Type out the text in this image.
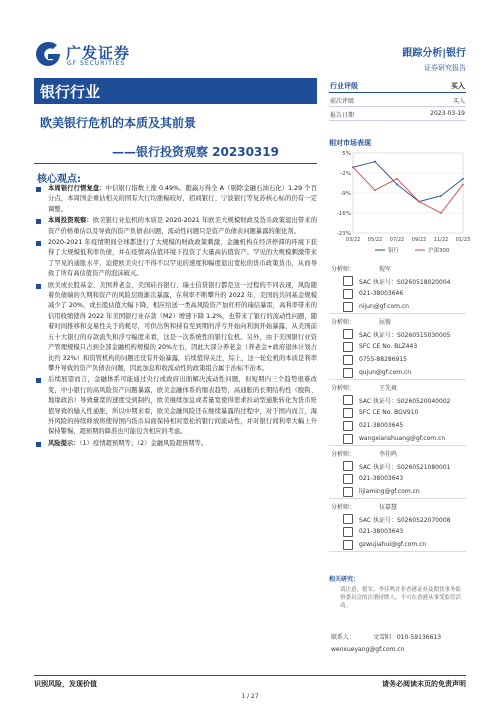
广发证券
GF SECURITIES
跟踪分析|银行
证券研究报告
银行行业
欧美银行危机的本质及其前景
——银行投资观察 20230319
核心观点:
本周银行行情复盘：中信银行指数上涨 0.49%。跑赢万得全 A（剔除金融石油石化）1.29 个百分点，本周国企重估相关的国有大行均涨幅较好，招商银行、宁波银行等复苏核心标的仍有一定调整。
本周投资观察：欧美银行业危机的本质是 2020-2021 年欧美大规模财政及货币政策退出带来的资产价格重估以及导致的资产负债表问题，流动性问题只是资产负债表问题暴露的催化剂。
2020-2021 年疫情期间全球都进行了大规模的财政政策刺激，金融机构在经济停滞的环境下获得了大规模低利率负债，并在疫情高估值环境下投资了大量高估值资产。罕见的大规模刺激带来了罕见的通胀水平，迫使欧美央行不得不以罕见的速度和幅度退出宽松的货币政策货币，从而导致了所有高估值资产的泡沫破灭。
欧美或长股基金、美国养老金、美国硅谷银行、瑞士信贷银行都是这一过程的不同表现，风险随着负债端的久期和资产的风险层级渐次暴露，在利率不断攀升的 2022 年，美国的共同基金规模减少了 20%，或长股估值大幅下降，相应给送一类高风险资产加杠杆的瑞信暴雷，高利率带来的信用收缩使得 2022 年美国银行业存款（M2）增速下降 1.2%，也带来了银行的流动性问题，随着时间推移和交易性关于的耗尽，可供出售和持有至到期的浮亏开始向利润开始暴露，从美国前五十大银行的存款流失和浮亏幅度来看，这是一次系统性的银行危机。另外，由于美国银行业资产管理规模只占到全部金融机构规模的 20%左右，因此大部分养老金（养老金+政府退休计划占比约 32%）和资管机构的问题还没有开始暴露，后续值得关注，综上，这一轮危机的本质是利率攀升导致的资产负债表问题，因此加息和收流动性的政策组合属于治标不治本。
后续展望而言，金融体系可能通过央行或政府出面解决流动性问题，但短期内三个趋势很难改变，中小银行的高风险资产问题暴露，欧美金融体系的缩表趋势，高通胀的长期结构性（脱钩、地缘政治）导致量宽的速度受到制约，欧美继续加息或者量宽使得需求拉动型通胀转化为货币贬值导致的输入性通胀，所以中期来看，欧美金融风险还在继续暴露的过程中，对于国内而言，海外风险的持续释放将使得国内货币局面保持相对宽松的银行间流动性，并对银行间利率大幅上升保持警惕，超预期的降准也可能包含相应的考虑。
风险提示：（1）疫情超预期等；（2）金融风险超预期等。
行业评级	买入
前次评级	买入
报告日期	2023-03-19
相对市场表现
5%
-2%
-9%
-16%
-23%
03/22 05/22 07/22 09/22 11/22 01/23
银行	沪深300
分析师：	倪军
SAC 执证号：S0260518020004
021-38003646
nijun@gf.com.cn
分析师：	屈俊
SAC 执证号：S0260515030005
SFC CE No. BLZ443
0755-88286915
qujun@gf.com.cn
分析师：	王先爽
SAC 执证号：S0260520040002
SFC CE No. BGV910
021-38003645
wangxianshuang@gf.com.cn
分析师：	李佳鸣
SAC 执证号：S0260521080001
021-38003643
lijiaming@gf.com.cn
分析师：	伍嘉慧
SAC 执证号：S0260522070008
021-38003643
gzwujiahui@gf.com.cn
相关研究：
请注意，倪军、李佳鸣并非香港证券及期货事务监察委员会的注册持牌人，不可在香港从事受监管活动。
联系人：	文雪阳 010-59136613
wenxueyang@gf.com.cn
识别风险，发现价值	请务必阅读末页的免责声明
1 / 27
